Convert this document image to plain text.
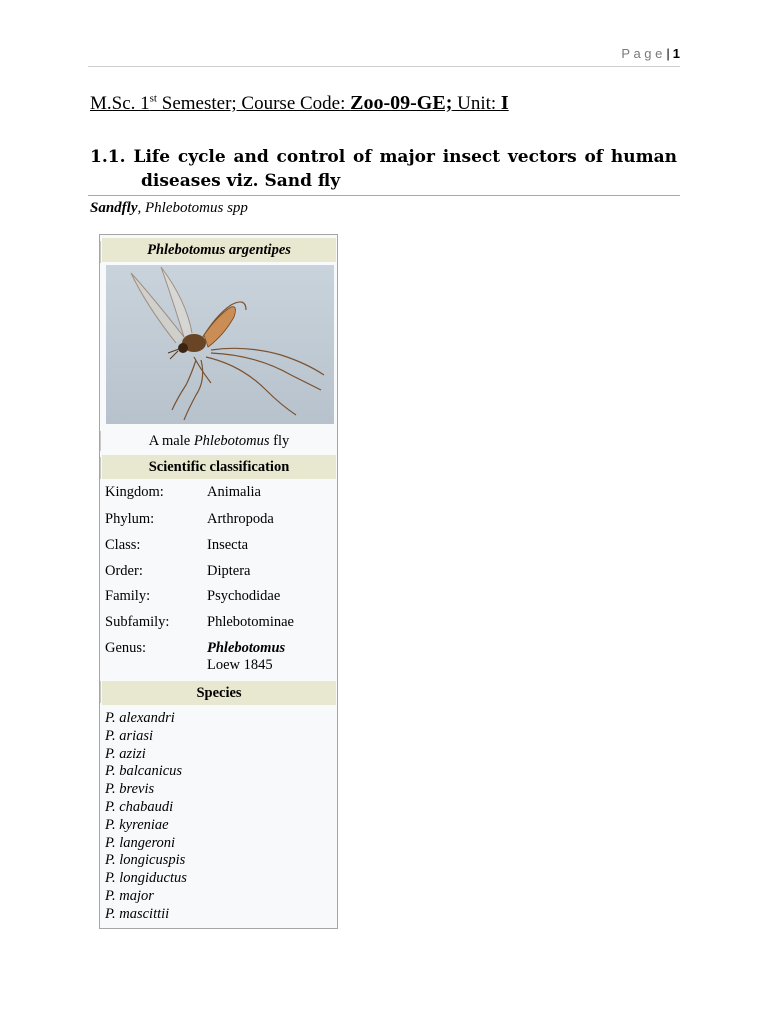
P a g e | 1
M.Sc. 1st Semester; Course Code: Zoo-09-GE; Unit: I
1.1. Life cycle and control of major insect vectors of human
diseases viz. Sand fly
Sandfly, Phlebotomus spp
Phlebotomus argentipes
A male Phlebotomus fly
Scientific classification
Kingdom:	Animalia
Phylum:	Arthropoda
Class:	Insecta
Order:	Diptera
Family:	Psychodidae
Subfamily:	Phlebotominae
Genus:	Phlebotomus
Loew 1845
Species
P. alexandri
P. ariasi
P. azizi
P. balcanicus
P. brevis
P. chabaudi
P. kyreniae
P. langeroni
P. longicuspis
P. longiductus
P. major
P. mascittii
